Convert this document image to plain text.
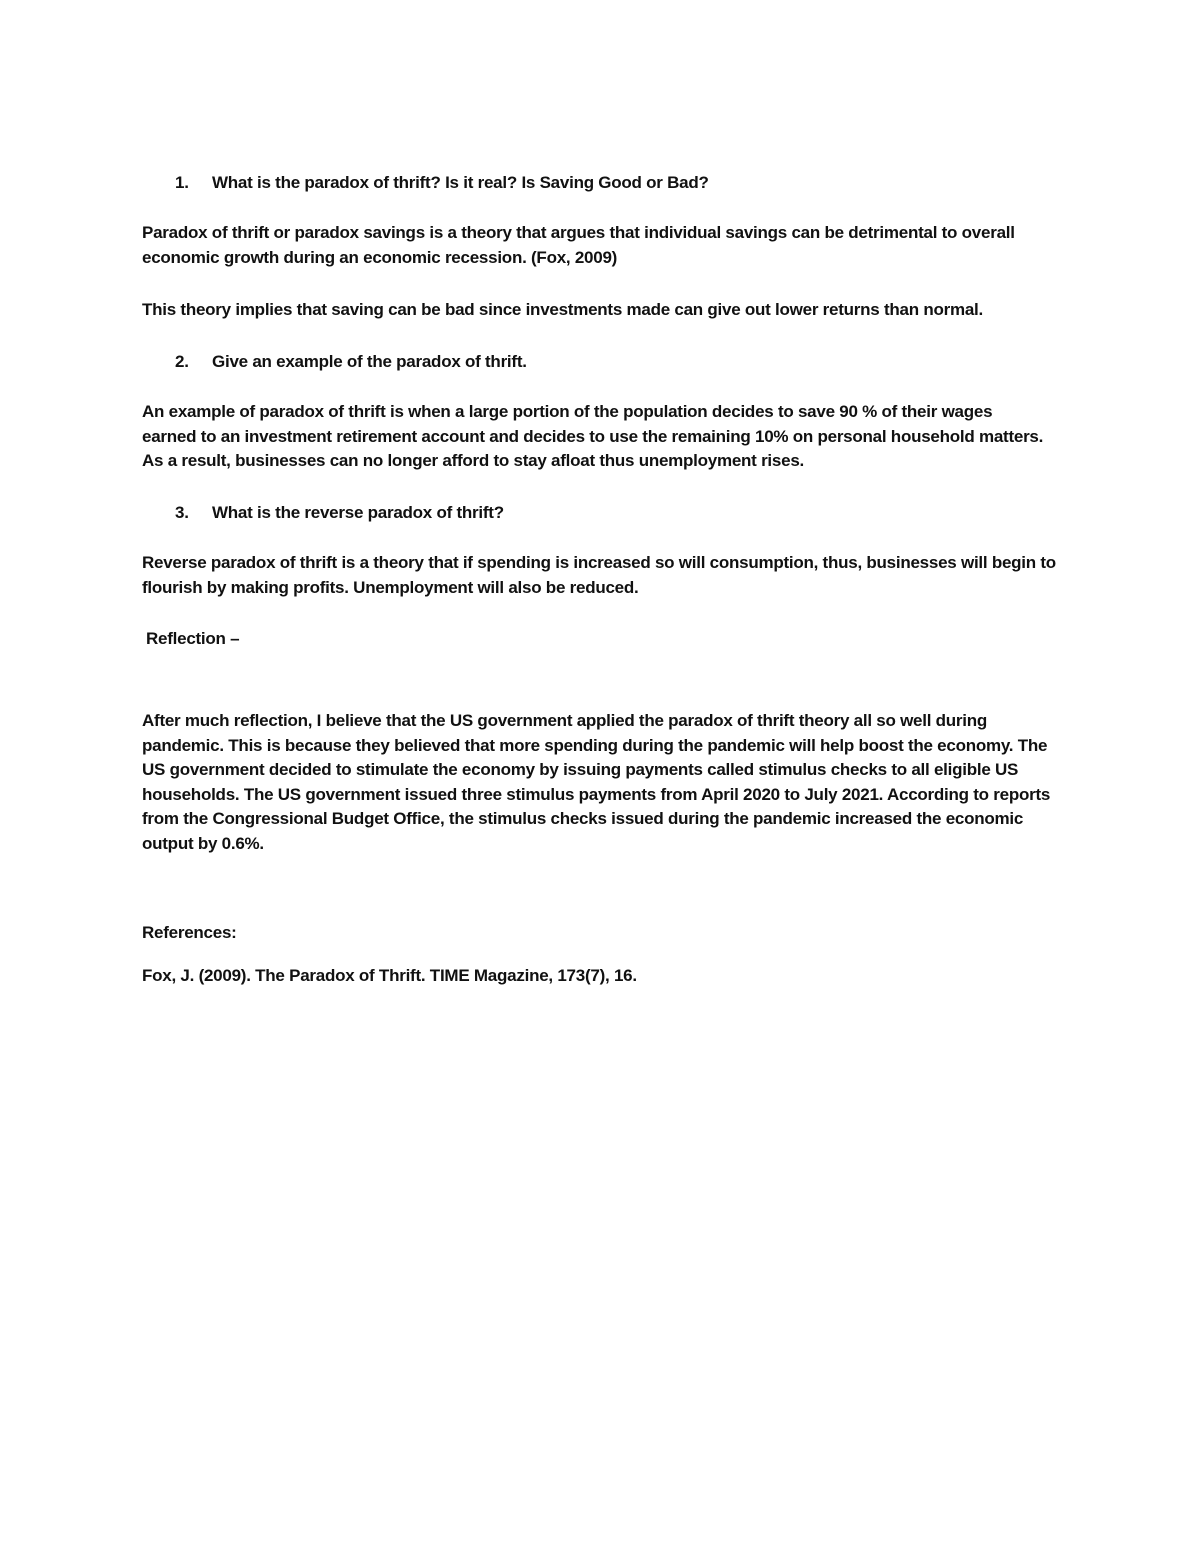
1. What is the paradox of thrift? Is it real? Is Saving Good or Bad?
Paradox of thrift or paradox savings is a theory that argues that individual savings can be detrimental to overall
economic growth during an economic recession. (Fox, 2009)
This theory implies that saving can be bad since investments made can give out lower returns than normal.
2. Give an example of the paradox of thrift.
An example of paradox of thrift is when a large portion of the population decides to save 90 % of their wages
earned to an investment retirement account and decides to use the remaining 10% on personal household matters.
As a result, businesses can no longer afford to stay afloat thus unemployment rises.
3. What is the reverse paradox of thrift?
Reverse paradox of thrift is a theory that if spending is increased so will consumption, thus, businesses will begin to
flourish by making profits. Unemployment will also be reduced.
Reflection –
After much reflection, I believe that the US government applied the paradox of thrift theory all so well during
pandemic. This is because they believed that more spending during the pandemic will help boost the economy. The
US government decided to stimulate the economy by issuing payments called stimulus checks to all eligible US
households. The US government issued three stimulus payments from April 2020 to July 2021. According to reports
from the Congressional Budget Office, the stimulus checks issued during the pandemic increased the economic
output by 0.6%.
References:
Fox, J. (2009). The Paradox of Thrift. TIME Magazine, 173(7), 16.
